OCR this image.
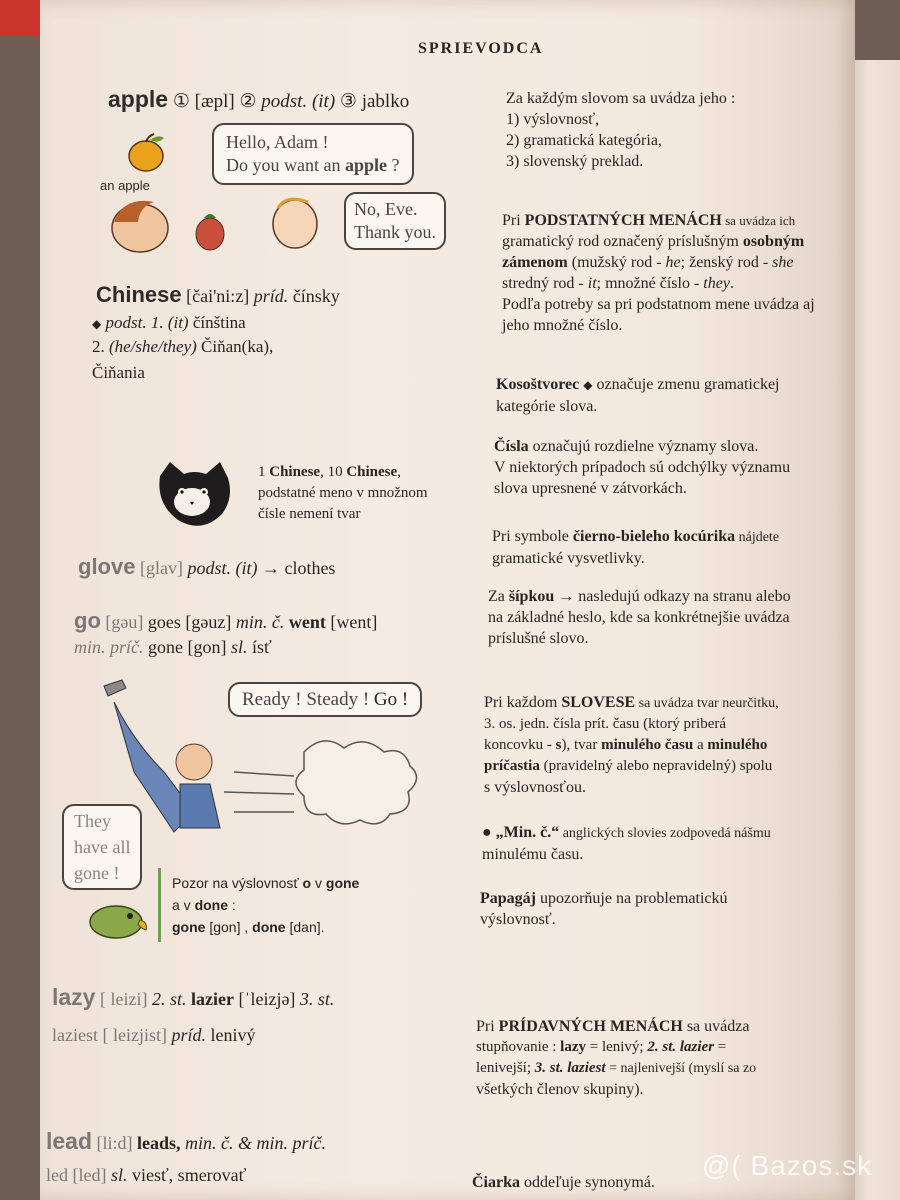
SPRIEVODCA
apple ① [æpl] ② podst. (it) ③ jablko
an apple
Hello, Adam !
Do you want an apple ?
No, Eve.
Thank you.
Chinese [čai'ni:z] príd. čínsky
◆ podst. 1. (it) čínština
2. (he/she/they) Čiňan(ka),
Čiňania
1 Chinese, 10 Chinese,
podstatné meno v množnom
čísle nemení tvar
glove [glav] podst. (it) → clothes
go [gəu] goes [gəuz] min. č. went [went]
min. príč. gone [gon] sl. ísť
Ready ! Steady ! Go !
They
have all
gone !	Pozor na výslovnosť o v gone
a v done :
gone [gon] , done [dan].
lazy [ leizi] 2. st. lazier [ˈleizjə] 3. st.
laziest [ leizjist] príd. lenivý
lead [li:d] leads, min. č. & min. príč.
led [led] sl. viesť, smerovať
Za každým slovom sa uvádza jeho :
1) výslovnosť,
2) gramatická kategória,
3) slovenský preklad.
Pri PODSTATNÝCH MENÁCH sa uvádza ich
gramatický rod označený príslušným osobným
zámenom (mužský rod - he; ženský rod - she
stredný rod - it; množné číslo - they.
Podľa potreby sa pri podstatnom mene uvádza aj
jeho množné číslo.
Kosoštvorec ◆ označuje zmenu gramatickej
kategórie slova.
Čísla označujú rozdielne významy slova.
V niektorých prípadoch sú odchýlky významu
slova upresnené v zátvorkách.
Pri symbole čierno-bieleho kocúrika nájdete
gramatické vysvetlivky.
Za šípkou → nasledujú odkazy na stranu alebo
na základné heslo, kde sa konkrétnejšie uvádza
príslušné slovo.
Pri každom SLOVESE sa uvádza tvar neurčitku,
3. os. jedn. čísla prít. času (ktorý priberá
koncovku - s), tvar minulého času a minulého
príčastia (pravidelný alebo nepravidelný) spolu
s výslovnosťou.
● „Min. č.“ anglických slovies zodpovedá nášmu
minulému času.
Papagáj upozorňuje na problematickú
výslovnosť.
Pri PRÍDAVNÝCH MENÁCH sa uvádza
stupňovanie : lazy = lenivý; 2. st. lazier =
lenivejší; 3. st. laziest = najlenivejší (myslí sa zo
všetkých členov skupiny).
Čiarka oddeľuje synonymá.
@( Bazos.sk
